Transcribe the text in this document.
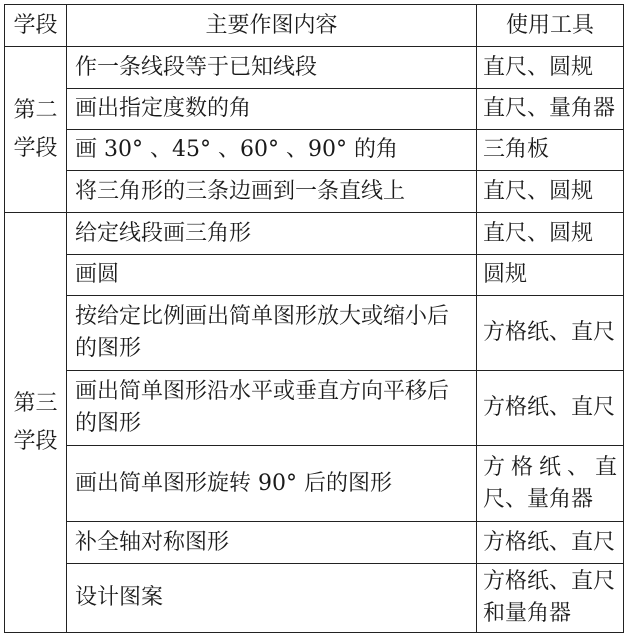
学段	主要作图内容	使用工具
第二学段	作一条线段等于已知线段	直尺、圆规
	画出指定度数的角	直尺、量角器
	画 30° 、45° 、60° 、90° 的角	三角板
	将三角形的三条边画到一条直线上	直尺、圆规
第三学段	给定线段画三角形	直尺、圆规
	画圆	圆规
	按给定比例画出简单图形放大或缩小后的图形	方格纸、直尺
	画出简单图形沿水平或垂直方向平移后的图形	方格纸、直尺
	画出简单图形旋转 90° 后的图形	方格纸、直尺、量角器
	补全轴对称图形	方格纸、直尺
	设计图案	方格纸、直尺和量角器
